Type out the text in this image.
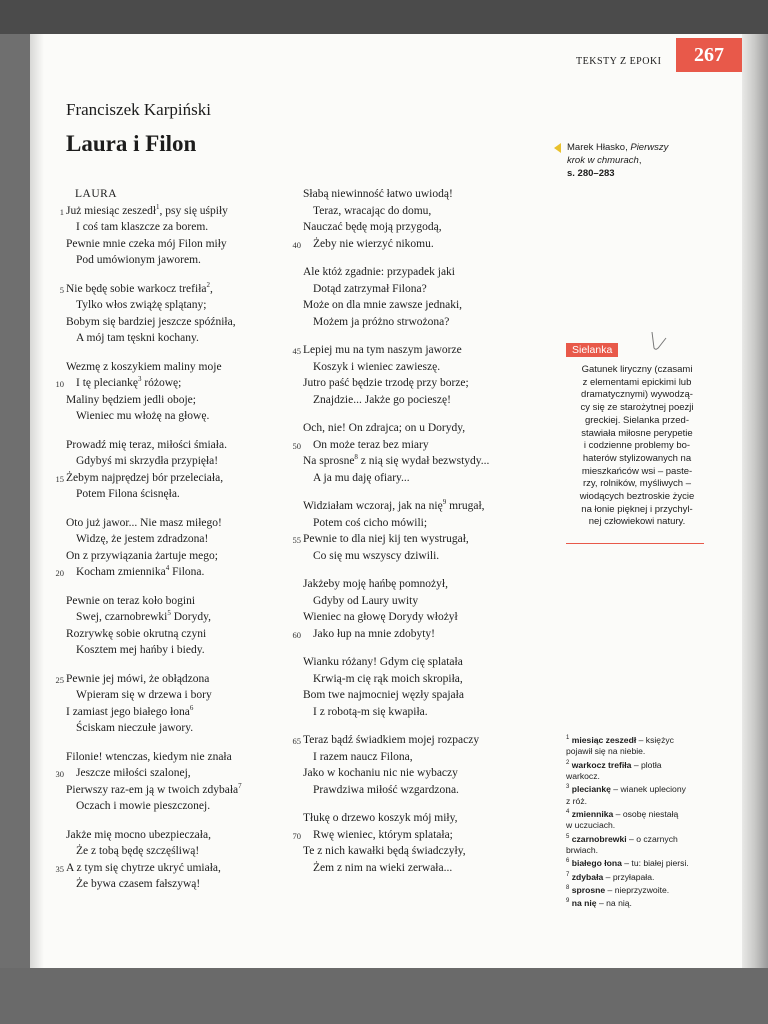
TEKSTY Z EPOKI	267
Franciszek Karpiński
Laura i Filon
LAURA
1 Już miesiąc zeszedł$^1$, psy się uśpiły
I coś tam klaszcze za borem.
Pewnie mnie czeka mój Filon miły
Pod umówionym jaworem.
5 Nie będę sobie warkocz trefiła$^2$,
Tylko włos zwiążę splątany;
Bobym się bardziej jeszcze spóźniła,
A mój tam tęskni kochany.
Wezmę z koszykiem maliny moje
10 I tę pleciankę$^3$ różowę;
Maliny będziem jedli oboje;
Wieniec mu włożę na głowę.
Prowadź mię teraz, miłości śmiała.
Gdybyś mi skrzydła przypięła!
15 Żebym najprędzej bór przeleciała,
Potem Filona ścisnęła.
Oto już jawor... Nie masz miłego!
Widzę, że jestem zdradzona!
On z przywiązania żartuje mego;
20 Kocham zmiennika$^4$ Filona.
Pewnie on teraz koło bogini
Swej, czarnobrewki$^5$ Dorydy,
Rozrywkę sobie okrutną czyni
Kosztem mej hańby i biedy.
25 Pewnie jej mówi, że obłądzona
Wpieram się w drzewa i bory
I zamiast jego białego łona$^6$
Ściskam nieczułe jawory.
Filonie! wtenczas, kiedym nie znała
30 Jeszcze miłości szalonej,
Pierwszy raz-em ją w twoich zdybała$^7$
Oczach i mowie pieszczonej.
Jakże mię mocno ubezpieczała,
Że z tobą będę szczęśliwą!
35 A z tym się chytrze ukryć umiała,
Że bywa czasem fałszywą!
Słabą niewinność łatwo uwiodą!
Teraz, wracając do domu,
Nauczać będę moją przygodą,
40 Żeby nie wierzyć nikomu.
Ale któż zgadnie: przypadek jaki
Dotąd zatrzymał Filona?
Może on dla mnie zawsze jednaki,
Możem ja próżno strwożona?
45 Lepiej mu na tym naszym jaworze
Koszyk i wieniec zawieszę.
Jutro paść będzie trzodę przy borze;
Znajdzie... Jakże go pocieszę!
Och, nie! On zdrajca; on u Dorydy,
50 On może teraz bez miary
Na sprosne$^8$ z nią się wydał bezwstydy...
A ja mu daję ofiary...
Widziałam wczoraj, jak na nię$^9$ mrugał,
Potem coś cicho mówili;
55 Pewnie to dla niej kij ten wystrugał,
Co się mu wszyscy dziwili.
Jakżeby moję hańbę pomnożył,
Gdyby od Laury uwity
Wieniec na głowę Dorydy włożył
60 Jako łup na mnie zdobyty!
Wianku różany! Gdym cię splatała
Krwią-m cię rąk moich skropiła,
Bom twe najmocniej węzły spajała
I z robotą-m się kwapiła.
65 Teraz bądź świadkiem mojej rozpaczy
I razem naucz Filona,
Jako w kochaniu nic nie wybaczy
Prawdziwa miłość wzgardzona.
Tłukę o drzewo koszyk mój miły,
70 Rwę wieniec, którym splatała;
Te z nich kawałki będą świadczyły,
Żem z nim na wieki zerwała...
Marek Hłasko, Pierwszy
krok w chmurach,
s. 280–283
Sielanka
Gatunek liryczny (czasami
z elementami epickimi lub
dramatycznymi) wywodzą-
cy się ze starożytnej poezji
greckiej. Sielanka przed-
stawiała miłosne perypetie
i codzienne problemy bo-
haterów stylizowanych na
mieszkańców wsi – paste-
rzy, rolników, myśliwych –
wiodących beztroskie życie
na łonie pięknej i przychyl-
nej człowiekowi natury.
$^1$ miesiąc zeszedł – księżyc
pojawił się na niebie.
$^2$ warkocz trefiła – plotła
warkocz.
$^3$ pleciankę – wianek upleciony
z róż.
$^4$ zmiennika – osobę niestałą
w uczuciach.
$^5$ czarnobrewki – o czarnych
brwiach.
$^6$ białego łona – tu: białej piersi.
$^7$ zdybała – przyłapała.
$^8$ sprosne – nieprzyzwoite.
$^9$ na nię – na nią.
